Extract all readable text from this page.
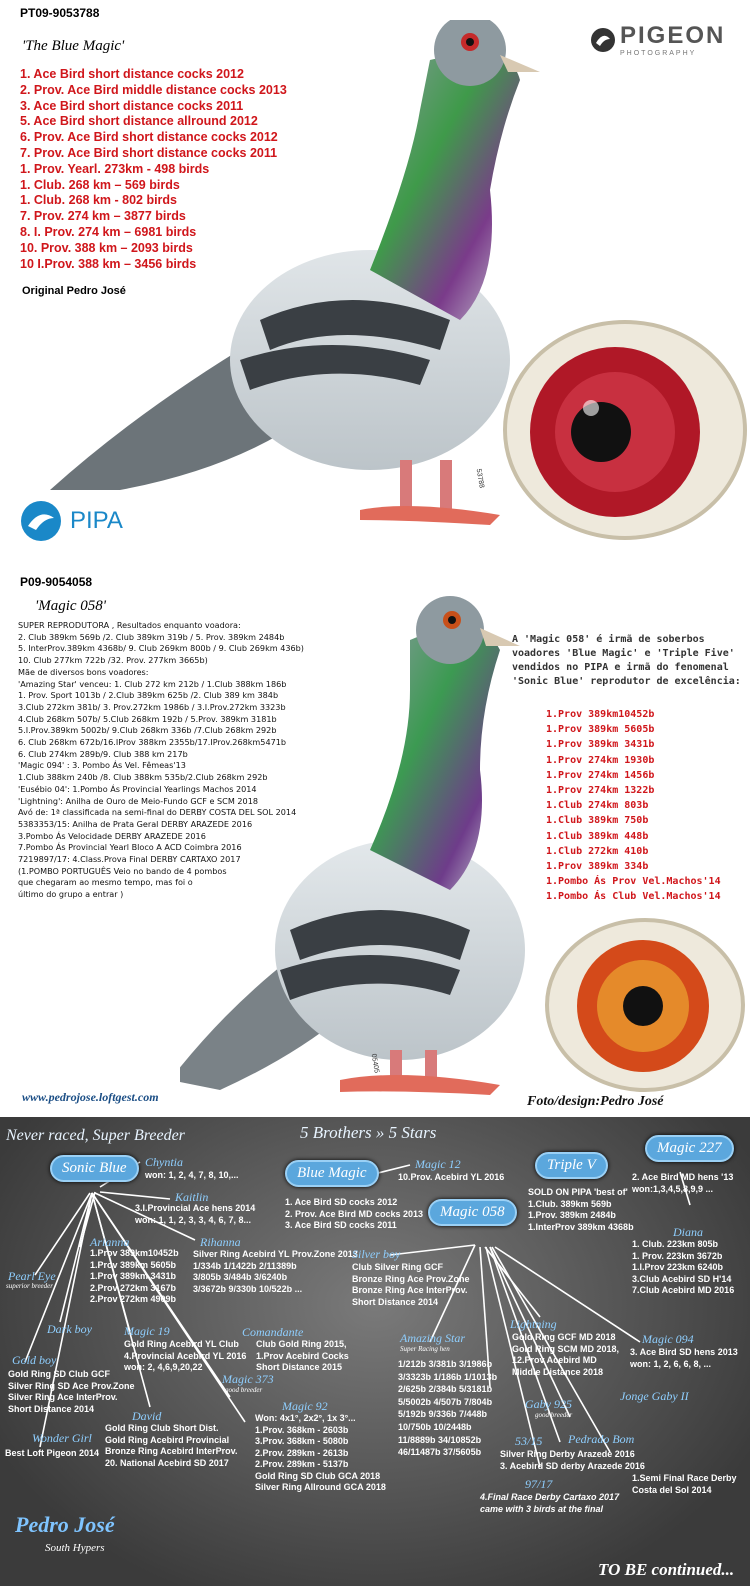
PT09-9053788
'The Blue Magic'
1. Ace Bird short distance cocks 2012
2. Prov. Ace Bird middle distance cocks 2013
3. Ace Bird short distance cocks 2011
5. Ace Bird short distance allround 2012
6. Prov. Ace Bird short distance cocks 2012
7. Prov. Ace Bird short distance cocks 2011
1. Prov. Yearl. 273km - 498 birds
1. Club. 268 km – 569 birds
1. Club. 268 km - 802 birds
7. Prov. 274 km – 3877 birds
8. I. Prov. 274 km – 6981 birds
10. Prov. 388 km – 2093 birds
10 I.Prov. 388 km – 3456 birds
Original Pedro José
PIGEON
PHOTOGRAPHY
53788
PIPA
P09-9054058
'Magic 058'
05405
SUPER REPRODUTORA , Resultados enquanto voadora:
2. Club 389km 569b /2. Club 389km 319b / 5. Prov. 389km 2484b
5. InterProv.389km 4368b/ 9. Club 269km 800b / 9. Club 269km 436b)
10. Club 277km 722b /32. Prov. 277km 3665b)
Mãe de diversos bons voadores:
'Amazing Star' venceu: 1. Club 272 km 212b / 1.Club 388km 186b
1. Prov. Sport 1013b / 2.Club 389km 625b /2. Club 389 km 384b
3.Club 272km 381b/ 3. Prov.272km 1986b / 3.I.Prov.272km 3323b
4.Club 268km 507b/ 5.Club 268km 192b / 5.Prov. 389km 3181b
5.I.Prov.389km 5002b/ 9.Club 268km 336b /7.Club 268km 292b
6. Club 268km 672b/16.IProv 388km 2355b/17.IProv.268km5471b
6. Club 274km 289b/9. Club 388 km 217b
'Magic 094' : 3. Pombo Ás Vel. Fêmeas'13
1.Club 388km 240b /8. Club 388km 535b/2.Club 268km 292b
'Eusébio 04': 1.Pombo Ás Provincial Yearlings Machos 2014
'Lightning': Anilha de Ouro de Meio-Fundo GCF e SCM 2018
Avó de: 1ª classificada na semi-final do DERBY COSTA DEL SOL 2014
5383353/15: Anilha de Prata Geral DERBY ARAZEDE 2016
3.Pombo Ás Velocidade DERBY ARAZEDE 2016
7.Pombo Ás Provincial Yearl Bloco A ACD Coimbra 2016
7219897/17: 4.Class.Prova Final DERBY CARTAXO 2017
(1.POMBO PORTUGUÊS Veio no bando de 4 pombos
que chegaram ao mesmo tempo, mas foi o
último do grupo a entrar )
A 'Magic 058' é irmã de soberbos
voadores 'Blue Magic' e 'Triple Five'
vendidos no PIPA e irmã do fenomenal
'Sonic Blue' reprodutor de excelência:
1.Prov 389km10452b
1.Prov 389km 5605b
1.Prov 389km 3431b
1.Prov 274km 1930b
1.Prov 274km 1456b
1.Prov 274km 1322b
1.Club 274km 803b
1.Club 389km 750b
1.Club 389km 448b
1.Club 272km 410b
1.Prov 389km 334b
1.Pombo Ás Prov Vel.Machos'14
1.Pombo Ás Club Vel.Machos'14
www.pedrojose.loftgest.com	Foto/design:Pedro José
Never raced, Super Breeder	5 Brothers » 5 Stars
Sonic Blue	Blue Magic
Magic 058
Triple V
Magic 227
Chyntia
won: 1, 2, 4, 7, 8, 10,...
Kaitlin
3.I.Provincial Ace hens 2014
won: 1, 1, 2, 3, 3, 4, 6, 7, 8...
Magic 12
10.Prov. Acebird YL 2016
1. Ace Bird SD cocks 2012
2. Prov. Ace Bird MD cocks 2013
3. Ace Bird SD cocks 2011
SOLD ON PIPA 'best of'
1.Club. 389km 569b
1.Prov. 389km 2484b
1.InterProv 389km 4368b
2. Ace Bird MD hens '13
won:1,3,4,5,8,9,9 ...
Arianna
1.Prov 389km10452b
1.Prov 389km 5605b
1.Prov 389km 3431b
2.Prov 272km 3167b
2.Prov 272km 4909b
Rihanna
Silver Ring Acebird YL Prov.Zone 2013
1/334b 1/1422b 2/11389b
3/805b 3/484b 3/6240b
3/3672b 9/330b 10/522b ...
Silver boy
Club Silver Ring GCF
Bronze Ring Ace Prov.Zone
Bronze Ring Ace InterProv.
Short Distance 2014
Diana
1. Club. 223km 805b
1. Prov. 223km 3672b
1.I.Prov 223km 6240b
3.Club Acebird SD H'14
7.Club Acebird MD 2016
Pearl Eye
superior breeder
Dark boy	Magic 19
Gold Ring Acebird YL Club
4.Provincial Acebird YL 2016
won: 2, 4,6,9,20,22
Comandante
Club Gold Ring 2015,
1.Prov Acebird Cocks
Short Distance 2015
Amazing Star
Super Racing hen
1/212b 3/381b 3/1986b
3/3323b 1/186b 1/1013b
2/625b 2/384b 5/3181b
5/5002b 4/507b 7/804b
5/192b 9/336b 7/448b
10/750b 10/2448b
11/8889b 34/10852b
46/11487b 37/5605b
Lightning
Gold Ring GCF MD 2018
Gold Ring SCM MD 2018,
12.Prov Acebird MD
Middle Distance 2018
Magic 094
3. Ace Bird SD hens 2013
won: 1, 2, 6, 6, 8, ...
Gold boy
Gold Ring SD Club GCF
Silver Ring SD Ace Prov.Zone
Silver Ring Ace InterProv.
Short Distance 2014
Magic 373
good breeder
David
Gold Ring Club Short Dist.
Gold Ring Acebird Provincial
Bronze Ring Acebird InterProv.
20. National Acebird SD 2017
Magic 92
Won: 4x1°, 2x2°, 1x 3°...
1.Prov. 368km - 2603b
3.Prov. 368km - 5080b
2.Prov. 289km - 2613b
2.Prov. 289km - 5137b
Gold Ring SD Club GCA 2018
Silver Ring Allround GCA 2018
Gaby 925
good breeder
Jonge Gaby II
53/15 Pedrado Bom
Silver Ring Derby Arazede 2016
3. Acebird SD derby Arazede 2016
97/17
4.Final Race Derby Cartaxo 2017
came with 3 birds at the final
1.Semi Final Race Derby
Costa del Sol 2014
Wonder Girl
Best Loft Pigeon 2014
Pedro José
South Hypers
TO BE continued...
